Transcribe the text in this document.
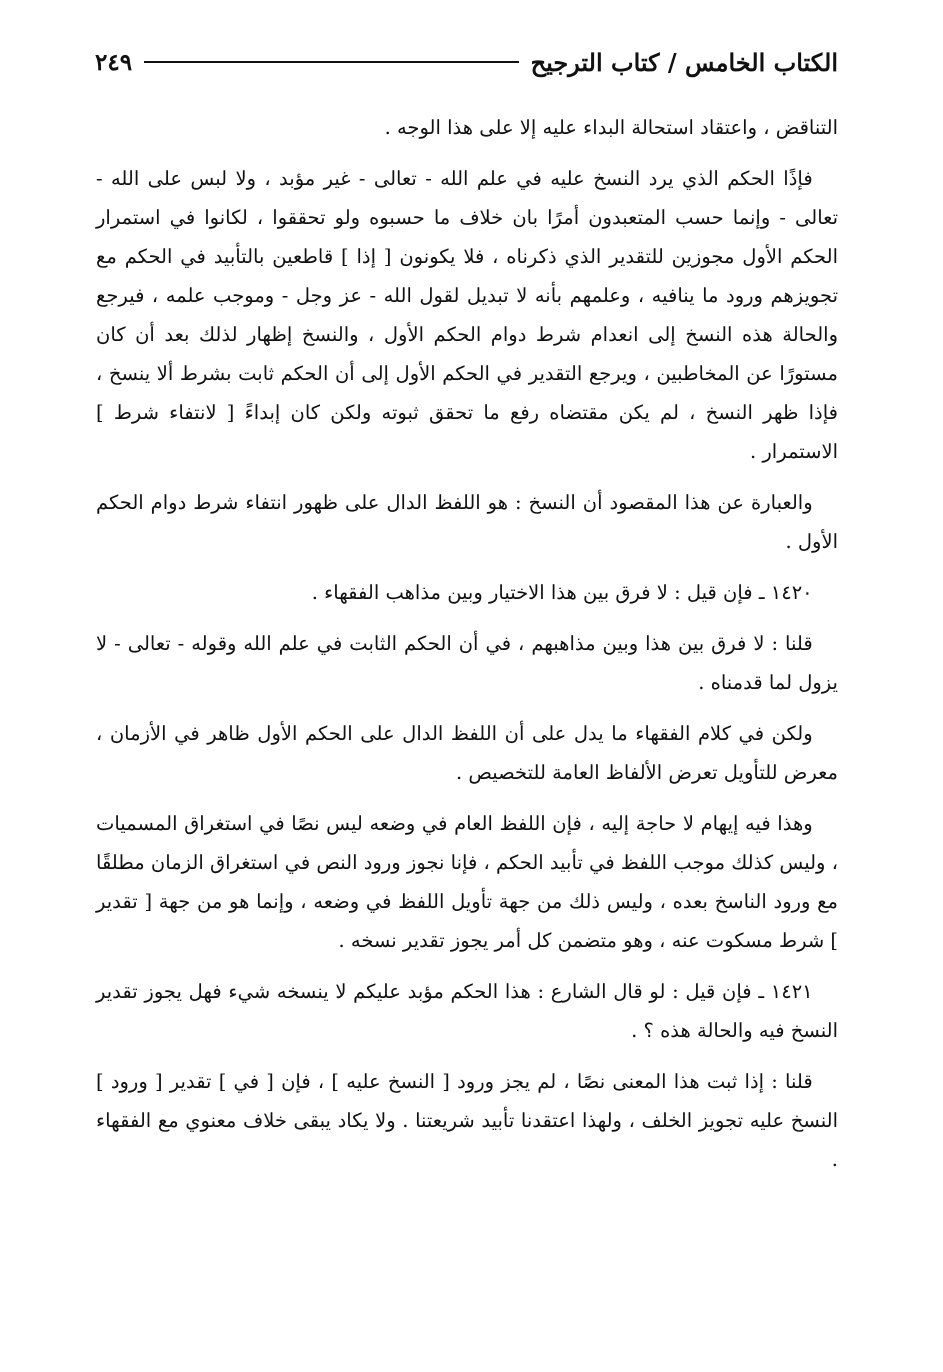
الكتاب الخامس / كتاب الترجيح
٢٤٩

التناقض ، واعتقاد استحالة البداء عليه إلا على هذا الوجه .

فإذًا الحكم الذي يرد النسخ عليه في علم الله - تعالى - غير مؤبد ، ولا لبس على الله - تعالى - وإنما حسب المتعبدون أمرًا بان خلاف ما حسبوه ولو تحققوا ، لكانوا في استمرار الحكم الأول مجوزين للتقدير الذي ذكرناه ، فلا يكونون [ إذا ] قاطعين بالتأبيد في الحكم مع تجويزهم ورود ما ينافيه ، وعلمهم بأنه لا تبديل لقول الله - عز وجل - وموجب علمه ، فيرجع والحالة هذه النسخ إلى انعدام شرط دوام الحكم الأول ، والنسخ إظهار لذلك بعد أن كان مستورًا عن المخاطبين ، ويرجع التقدير في الحكم الأول إلى أن الحكم ثابت بشرط ألا ينسخ ، فإذا ظهر النسخ ، لم يكن مقتضاه رفع ما تحقق ثبوته ولكن كان إبداءً [ لانتفاء شرط ] الاستمرار .

والعبارة عن هذا المقصود أن النسخ : هو اللفظ الدال على ظهور انتفاء شرط دوام الحكم الأول .

١٤٢٠ ـ فإن قيل : لا فرق بين هذا الاختيار وبين مذاهب الفقهاء .

قلنا : لا فرق بين هذا وبين مذاهبهم ، في أن الحكم الثابت في علم الله وقوله - تعالى - لا يزول لما قدمناه .

ولكن في كلام الفقهاء ما يدل على أن اللفظ الدال على الحكم الأول ظاهر في الأزمان ، معرض للتأويل تعرض الألفاظ العامة للتخصيص .

وهذا فيه إيهام لا حاجة إليه ، فإن اللفظ العام في وضعه ليس نصًا في استغراق المسميات ، وليس كذلك موجب اللفظ في تأبيد الحكم ، فإنا نجوز ورود النص في استغراق الزمان مطلقًا مع ورود الناسخ بعده ، وليس ذلك من جهة تأويل اللفظ في وضعه ، وإنما هو من جهة [ تقدير ] شرط مسكوت عنه ، وهو متضمن كل أمر يجوز تقدير نسخه .

١٤٢١ ـ فإن قيل : لو قال الشارع : هذا الحكم مؤبد عليكم لا ينسخه شيء فهل يجوز تقدير النسخ فيه والحالة هذه ؟ .

قلنا : إذا ثبت هذا المعنى نصًا ، لم يجز ورود [ النسخ عليه ] ، فإن [ في ] تقدير [ ورود ] النسخ عليه تجويز الخلف ، ولهذا اعتقدنا تأبيد شريعتنا . ولا يكاد يبقى خلاف معنوي مع الفقهاء .
